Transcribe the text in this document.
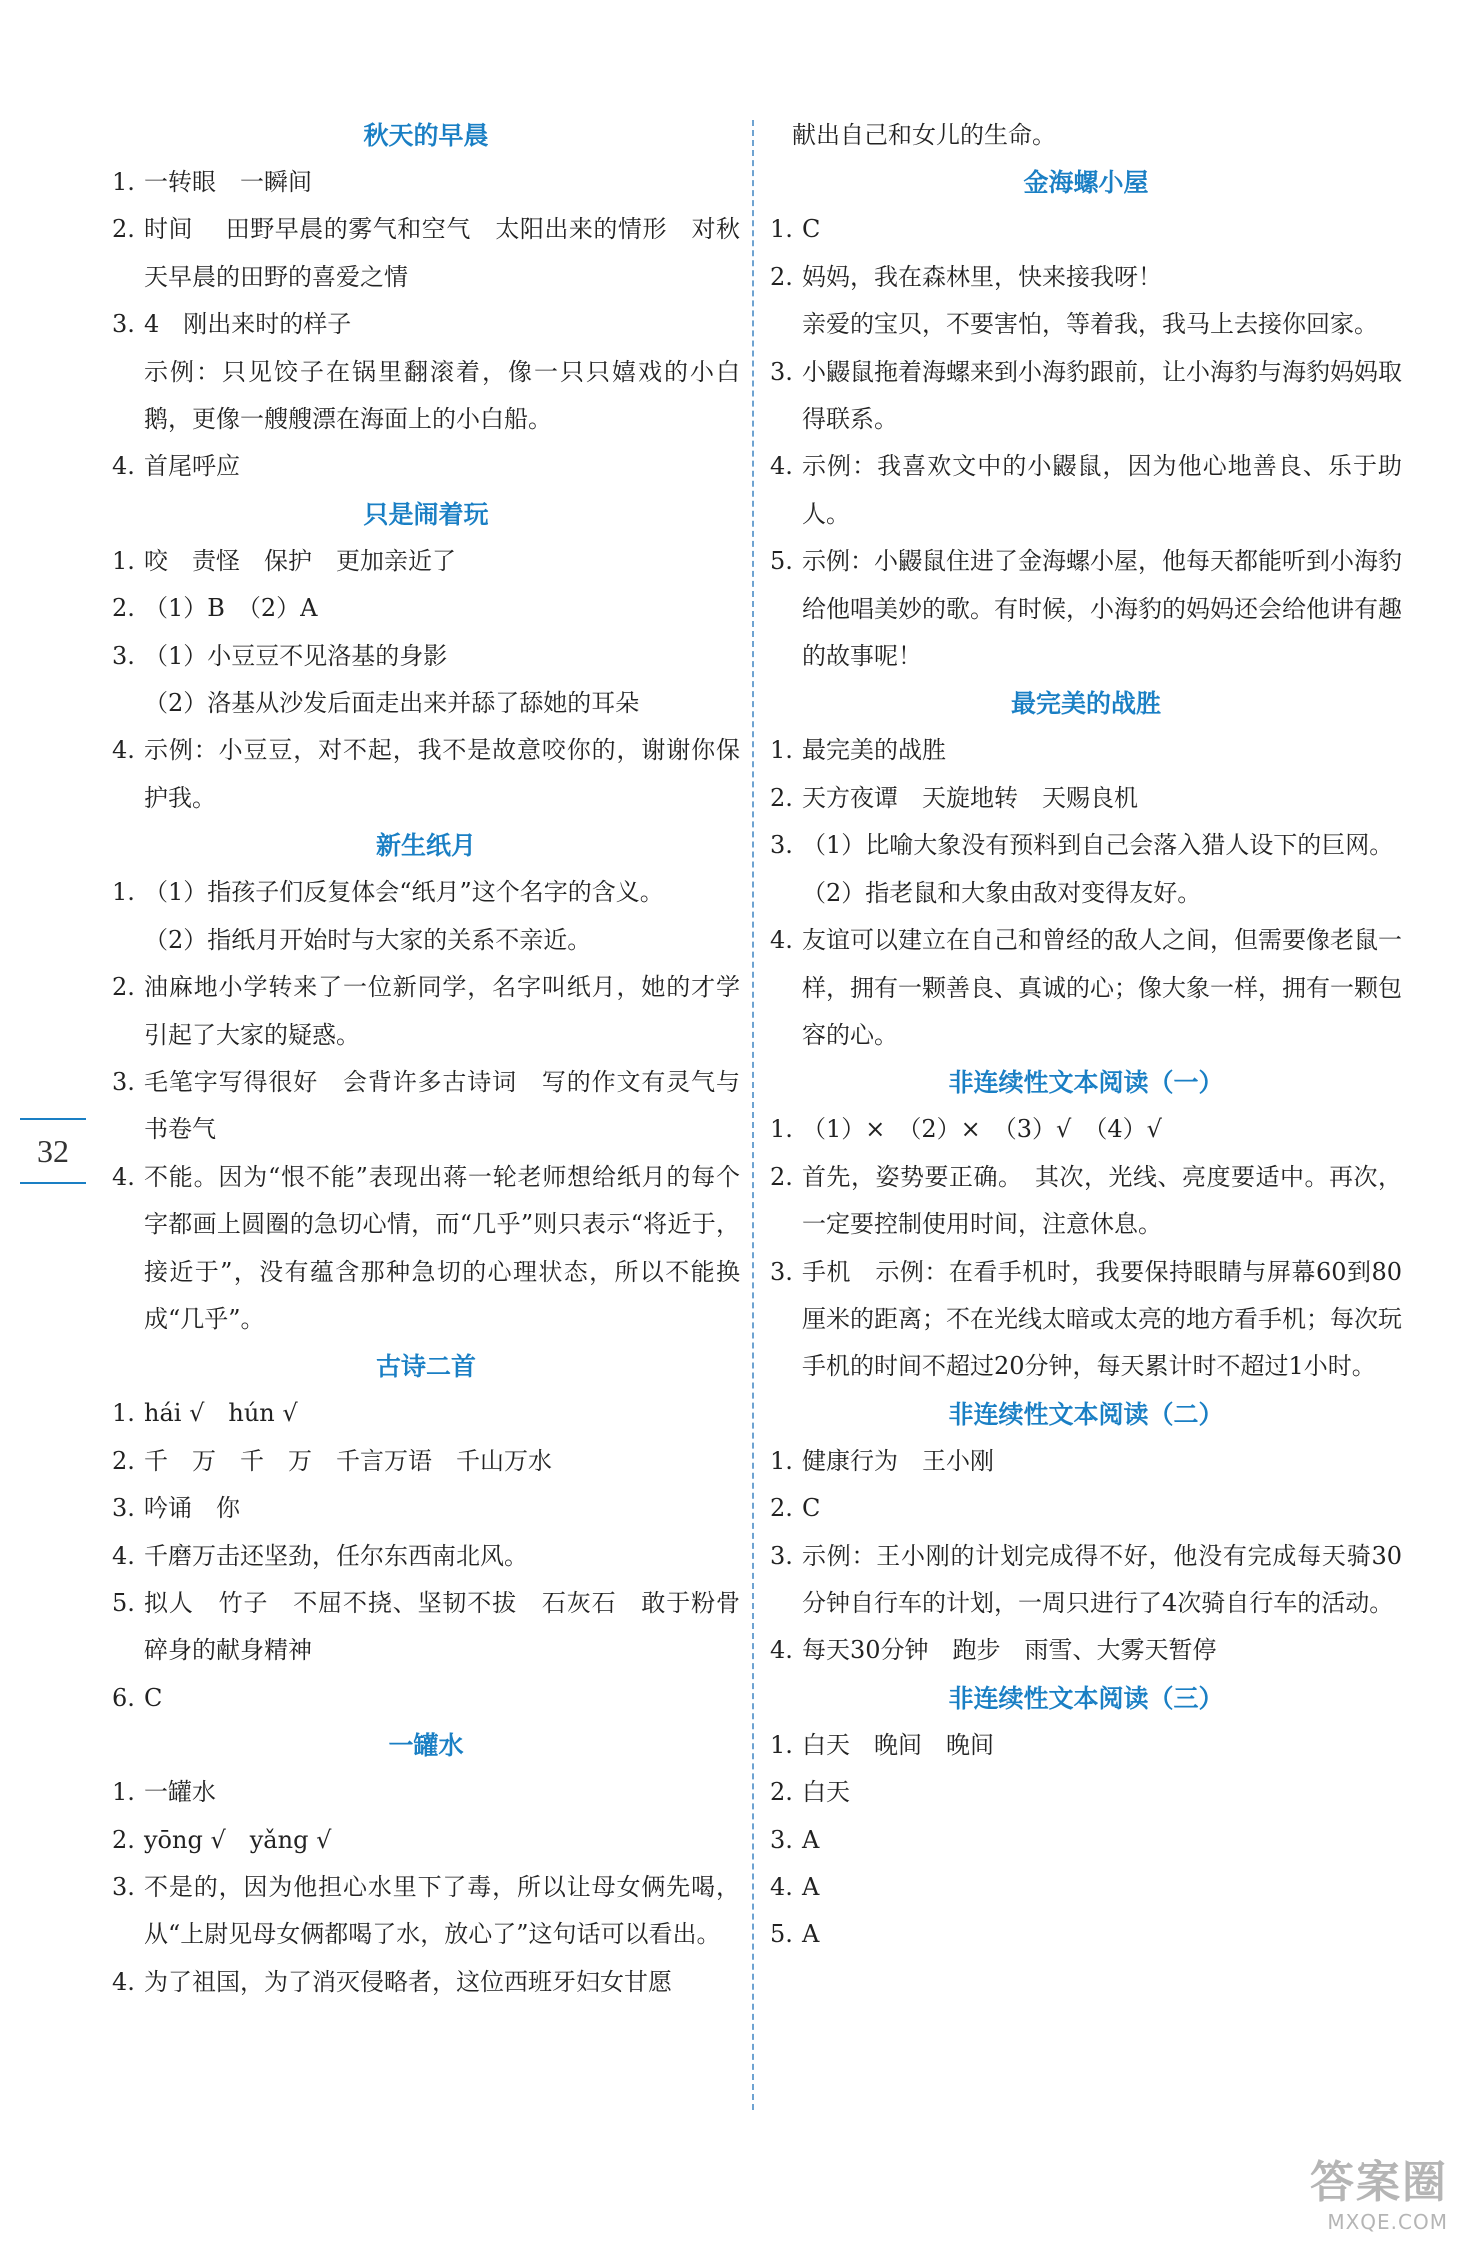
秋天的早晨
1. 一转眼　一瞬间
2. 时间　 田野早晨的雾气和空气　太阳出来的情形　对秋天早晨的田野的喜爱之情
3. 4　刚出来时的样子
示例：只见饺子在锅里翻滚着，像一只只嬉戏的小白鹅，更像一艘艘漂在海面上的小白船。
4. 首尾呼应
只是闹着玩
1. 咬　责怪　保护　更加亲近了
2. （1）B　（2）A
3. （1）小豆豆不见洛基的身影
（2）洛基从沙发后面走出来并舔了舔她的耳朵
4. 示例：小豆豆，对不起，我不是故意咬你的，谢谢你保护我。
新生纸月
1. （1）指孩子们反复体会“纸月”这个名字的含义。
（2）指纸月开始时与大家的关系不亲近。
2. 油麻地小学转来了一位新同学，名字叫纸月，她的才学引起了大家的疑惑。
3. 毛笔字写得很好　会背许多古诗词　写的作文有灵气与书卷气
4. 不能。因为“恨不能”表现出蒋一轮老师想给纸月的每个字都画上圆圈的急切心情，而“几乎”则只表示“将近于，接近于”，没有蕴含那种急切的心理状态，所以不能换成“几乎”。
古诗二首
1. hái √　hún √
2. 千　万　千　万　千言万语　千山万水
3. 吟诵　你
4. 千磨万击还坚劲，任尔东西南北风。
5. 拟人　竹子　不屈不挠、坚韧不拔　石灰石　敢于粉骨碎身的献身精神
6. C
一罐水
1. 一罐水
2. yōng √　yǎng √
3. 不是的，因为他担心水里下了毒，所以让母女俩先喝，从“上尉见母女俩都喝了水，放心了”这句话可以看出。
4. 为了祖国，为了消灭侵略者，这位西班牙妇女甘愿
献出自己和女儿的生命。
金海螺小屋
1. C
2. 妈妈，我在森林里，快来接我呀！
亲爱的宝贝，不要害怕，等着我，我马上去接你回家。
3. 小鼹鼠拖着海螺来到小海豹跟前，让小海豹与海豹妈妈取得联系。
4. 示例：我喜欢文中的小鼹鼠，因为他心地善良、乐于助人。
5. 示例：小鼹鼠住进了金海螺小屋，他每天都能听到小海豹给他唱美妙的歌。有时候，小海豹的妈妈还会给他讲有趣的故事呢！
最完美的战胜
1. 最完美的战胜
2. 天方夜谭　天旋地转　天赐良机
3. （1）比喻大象没有预料到自己会落入猎人设下的巨网。
（2）指老鼠和大象由敌对变得友好。
4. 友谊可以建立在自己和曾经的敌人之间，但需要像老鼠一样，拥有一颗善良、真诚的心；像大象一样，拥有一颗包容的心。
非连续性文本阅读（一）
1. （1）×　（2）×　（3）√　（4）√
2. 首先，姿势要正确。　其次，光线、亮度要适中。再次，一定要控制使用时间，注意休息。
3. 手机　示例：在看手机时，我要保持眼睛与屏幕60到80厘米的距离；不在光线太暗或太亮的地方看手机；每次玩手机的时间不超过20分钟，每天累计时不超过1小时。
非连续性文本阅读（二）
1. 健康行为　王小刚
2. C
3. 示例：王小刚的计划完成得不好，他没有完成每天骑30分钟自行车的计划，一周只进行了4次骑自行车的活动。
4. 每天30分钟　跑步　雨雪、大雾天暂停
非连续性文本阅读（三）
1. 白天　晚间　晚间
2. 白天
3. A
4. A
5. A
32
答案圈
MXQE.COM
